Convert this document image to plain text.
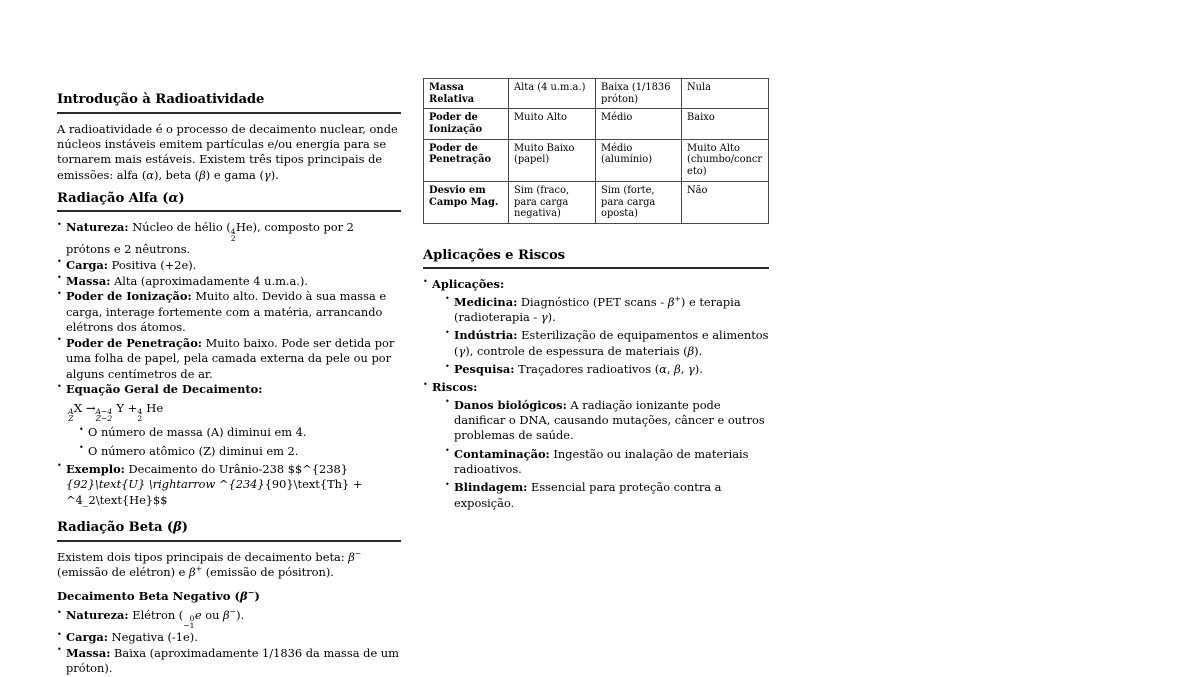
Introdução à Radioatividade

A radioatividade é o processo de decaimento nuclear, onde núcleos instáveis emitem partículas e/ou energia para se tornarem mais estáveis. Existem três tipos principais de emissões: alfa (α), beta (β) e gama (γ).

Radiação Alfa (α)
• Natureza: Núcleo de hélio ( 4
2
He), composto por 2 prótons e 2 nêutrons.
• Carga: Positiva (+2e).
• Massa: Alta (aproximadamente 4 u.m.a.).
• Poder de Ionização: Muito alto. Devido à sua massa e carga, interage fortemente com a matéria, arrancando elétrons dos átomos.
• Poder de Penetração: Muito baixo. Pode ser detida por uma folha de papel, pela camada externa da pele ou por alguns centímetros de ar.
• Equação Geral de Decaimento:
A
Z
X → A−4
Z−2
Y + 4
2
He
• O número de massa (A) diminui em 4.
• O número atômico (Z) diminui em 2.
• Exemplo: Decaimento do Urânio-238 $$^{238}{92}\text{U} \rightarrow ^{234}{90}\text{Th} + ^4_2\text{He}$$
Radiação Beta (β)

Existem dois tipos principais de decaimento beta: β− (emissão de elétron) e β+ (emissão de pósitron).

Decaimento Beta Negativo (β−)
• Natureza: Elétron ( 0
−1
e ou β−).
• Carga: Negativa (-1e).
• Massa: Baixa (aproximadamente 1/1836 da massa de um próton).
Massa Relativa	Alta (4 u.m.a.)	Baixa (1/1836 próton)	Nula
Poder de Ionização	Muito Alto	Médio	Baixo
Poder de Penetração	Muito Baixo (papel)	Médio (alumínio)	Muito Alto (chumbo/concreto)
Desvio em Campo Mag.	Sim (fraco, para carga negativa)	Sim (forte, para carga oposta)	Não
Aplicações e Riscos
• Aplicações:
• Medicina: Diagnóstico (PET scans - β+) e terapia (radioterapia - γ).
• Indústria: Esterilização de equipamentos e alimentos (γ), controle de espessura de materiais (β).
• Pesquisa: Traçadores radioativos (α, β, γ).
• Riscos:
• Danos biológicos: A radiação ionizante pode danificar o DNA, causando mutações, câncer e outros problemas de saúde.
• Contaminação: Ingestão ou inalação de materiais radioativos.
• Blindagem: Essencial para proteção contra a exposição.
